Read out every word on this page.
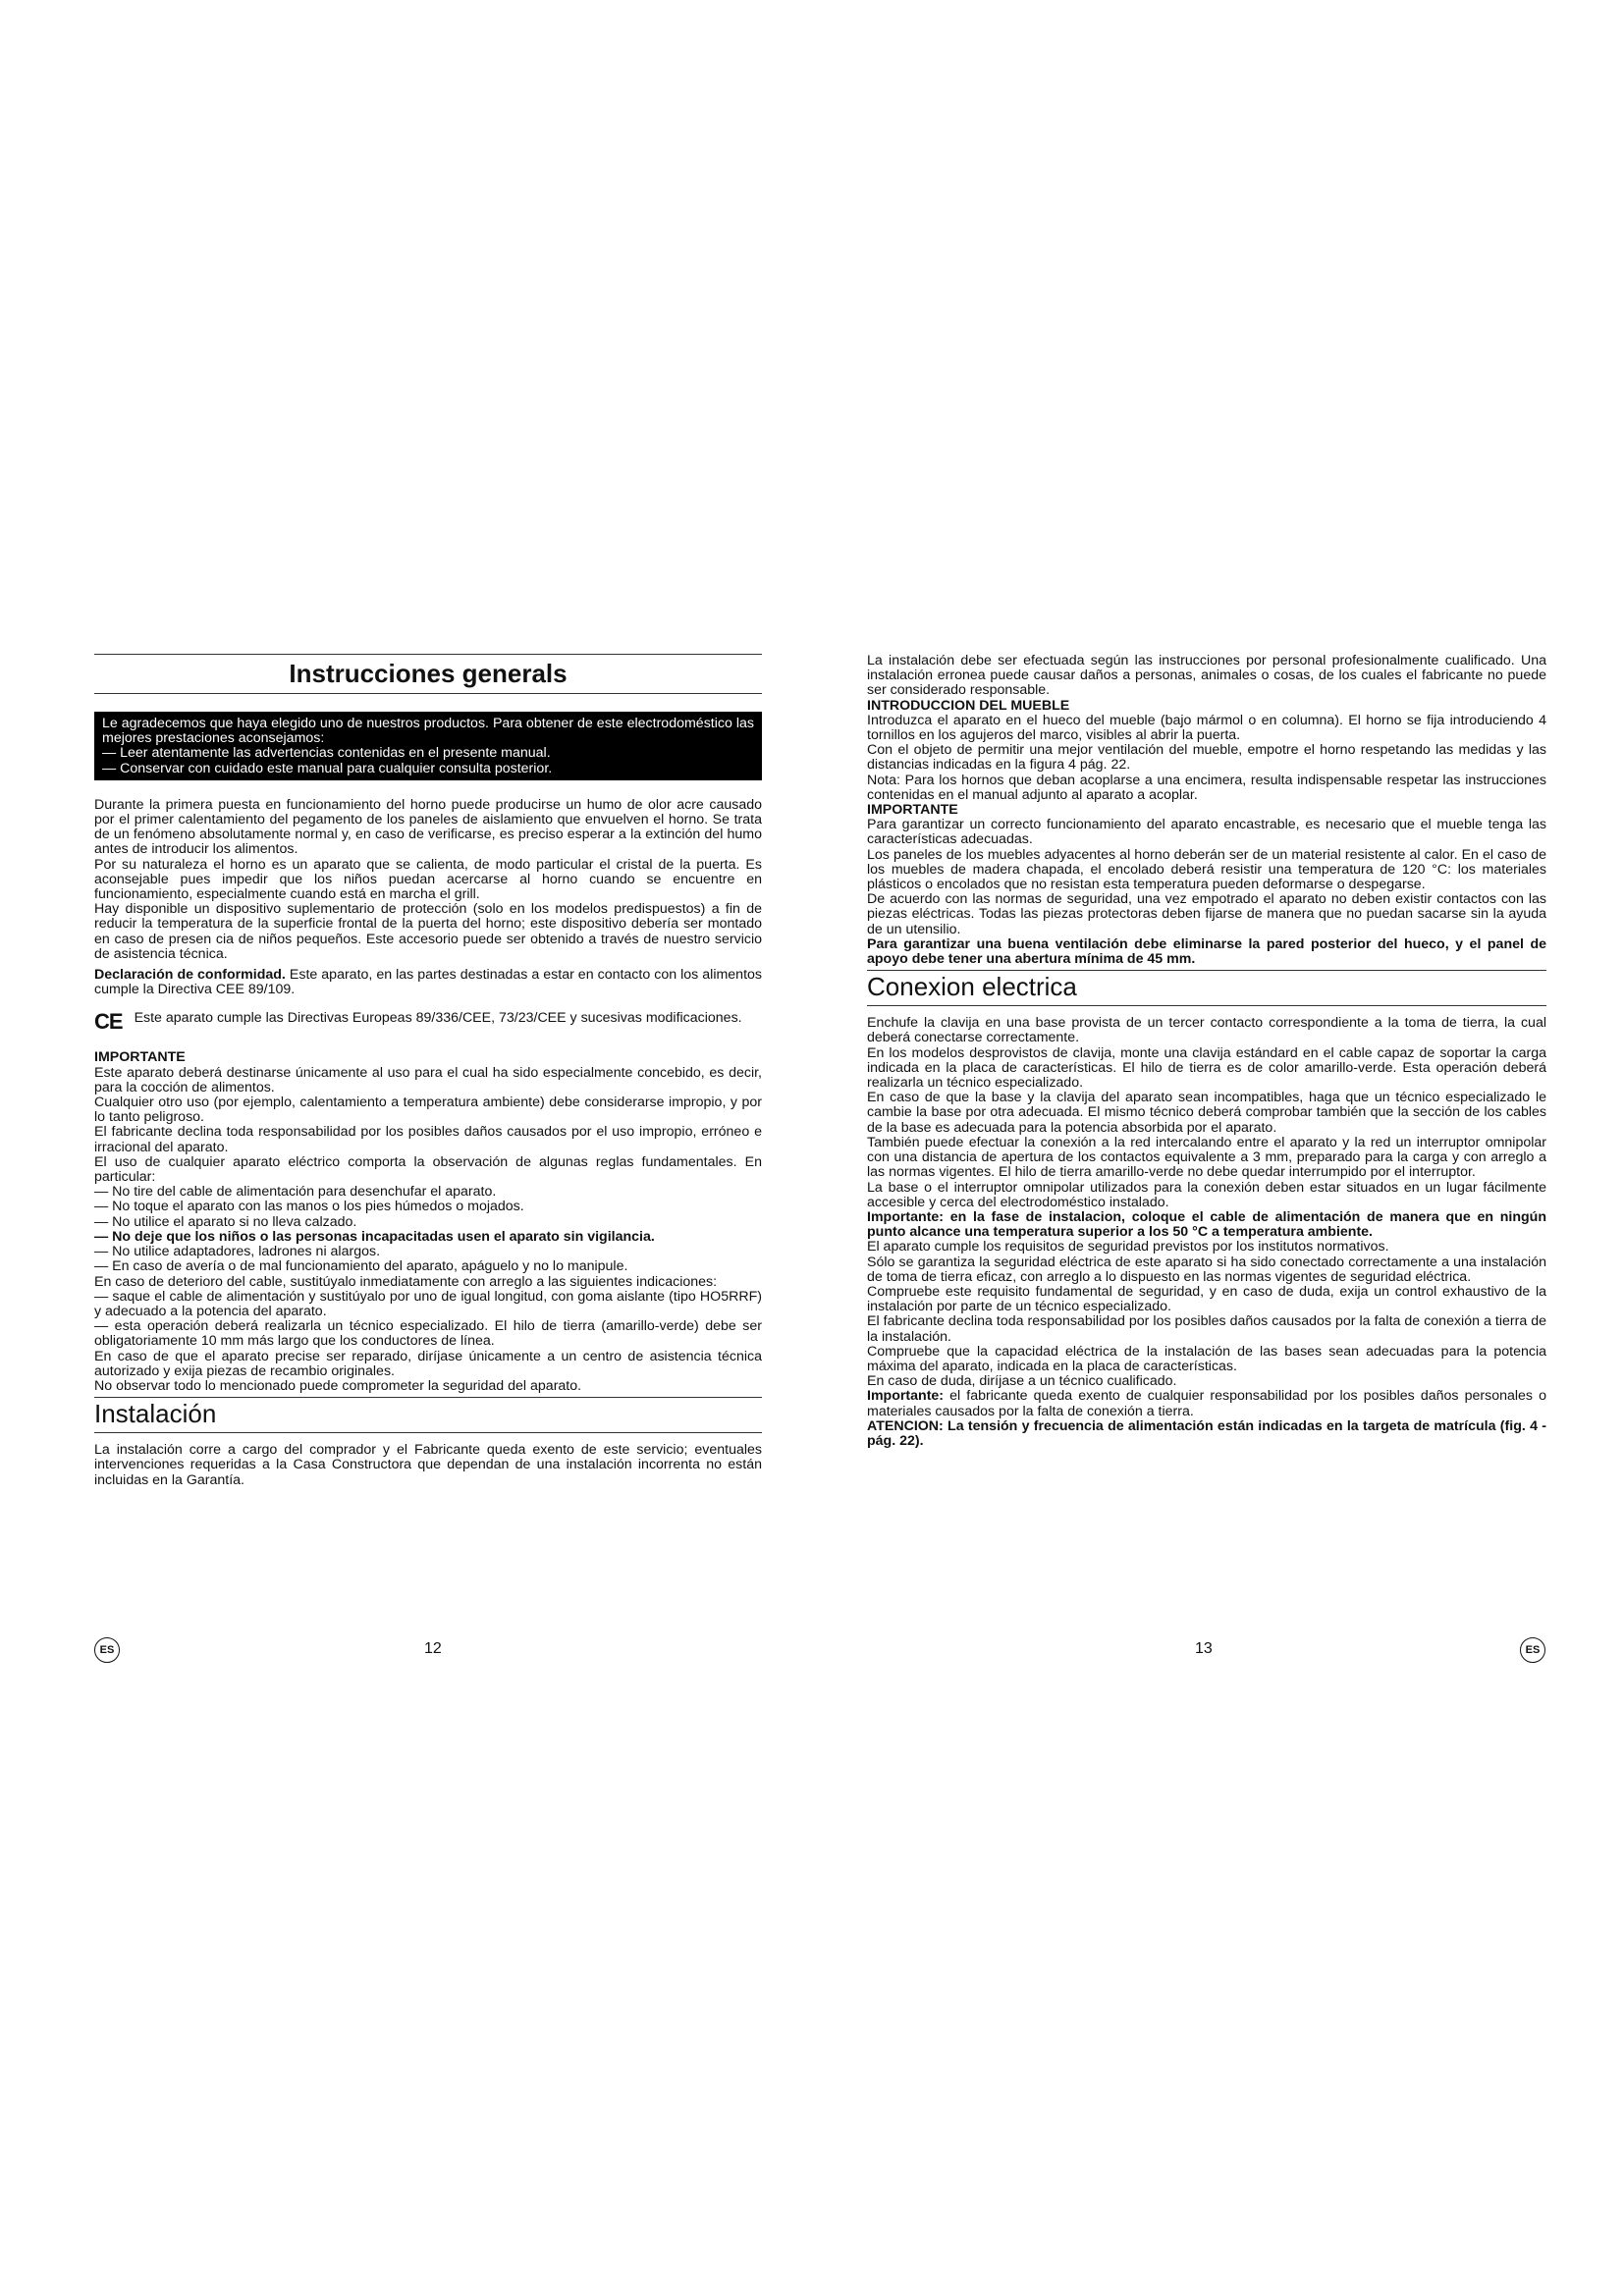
Instrucciones generals

Le agradecemos que haya elegido uno de nuestros productos. Para obtener de este electrodoméstico las mejores prestaciones aconsejamos:

— Leer atentamente las advertencias contenidas en el presente manual.

— Conservar con cuidado este manual para cualquier consulta posterior.

Durante la primera puesta en funcionamiento del horno puede producirse un humo de olor acre causado por el primer calentamiento del pegamento de los paneles de aislamiento que envuelven el horno. Se trata de un fenómeno absolutamente normal y, en caso de verificarse, es preciso esperar a la extinción del humo antes de introducir los alimentos.

Por su naturaleza el horno es un aparato que se calienta, de modo particular el cristal de la puerta. Es aconsejable pues impedir que los niños puedan acercarse al horno cuando se encuentre en funcionamiento, especialmente cuando está en marcha el grill.

Hay disponible un dispositivo suplementario de protección (solo en los modelos predispuestos) a fin de reducir la temperatura de la superficie frontal de la puerta del horno; este dispositivo debería ser montado en caso de presen cia de niños pequeños. Este accesorio puede ser obtenido a través de nuestro servicio de asistencia técnica.

Declaración de conformidad. Este aparato, en las partes destinadas a estar en contacto con los alimentos cumple la Directiva CEE 89/109.

CE Este aparato cumple las Directivas Europeas 89/336/CEE, 73/23/CEE y sucesivas modificaciones.

IMPORTANTE

Este aparato deberá destinarse únicamente al uso para el cual ha sido especialmente concebido, es decir, para la cocción de alimentos.

Cualquier otro uso (por ejemplo, calentamiento a temperatura ambiente) debe considerarse impropio, y por lo tanto peligroso.

El fabricante declina toda responsabilidad por los posibles daños causados por el uso impropio, erróneo e irracional del aparato.

El uso de cualquier aparato eléctrico comporta la observación de algunas reglas fundamentales. En particular:

— No tire del cable de alimentación para desenchufar el aparato.

— No toque el aparato con las manos o los pies húmedos o mojados.

— No utilice el aparato si no lleva calzado.

— No deje que los niños o las personas incapacitadas usen el aparato sin vigilancia.

— No utilice adaptadores, ladrones ni alargos.

— En caso de avería o de mal funcionamiento del aparato, apáguelo y no lo manipule.

En caso de deterioro del cable, sustitúyalo inmediatamente con arreglo a las siguientes indicaciones:

— saque el cable de alimentación y sustitúyalo por uno de igual longitud, con goma aislante (tipo HO5RRF) y adecuado a la potencia del aparato.

— esta operación deberá realizarla un técnico especializado. El hilo de tierra (amarillo-verde) debe ser obligatoriamente 10 mm más largo que los conductores de línea.

En caso de que el aparato precise ser reparado, diríjase únicamente a un centro de asistencia técnica autorizado y exija piezas de recambio originales.

No observar todo lo mencionado puede comprometer la seguridad del aparato.

Instalación

La instalación corre a cargo del comprador y el Fabricante queda exento de este servicio; eventuales intervenciones requeridas a la Casa Constructora que dependan de una instalación incorrenta no están incluidas en la Garantía.

La instalación debe ser efectuada según las instrucciones por personal profesionalmente cualificado. Una instalación erronea puede causar daños a personas, animales o cosas, de los cuales el fabricante no puede ser considerado responsable.

INTRODUCCION DEL MUEBLE

Introduzca el aparato en el hueco del mueble (bajo mármol o en columna). El horno se fija introduciendo 4 tornillos en los agujeros del marco, visibles al abrir la puerta.

Con el objeto de permitir una mejor ventilación del mueble, empotre el horno respetando las medidas y las distancias indicadas en la figura 4 pág. 22.

Nota: Para los hornos que deban acoplarse a una encimera, resulta indispensable respetar las instrucciones contenidas en el manual adjunto al aparato a acoplar.

IMPORTANTE

Para garantizar un correcto funcionamiento del aparato encastrable, es necesario que el mueble tenga las características adecuadas.

Los paneles de los muebles adyacentes al horno deberán ser de un material resistente al calor. En el caso de los muebles de madera chapada, el encolado deberá resistir una temperatura de 120 °C: los materiales plásticos o encolados que no resistan esta temperatura pueden deformarse o despegarse.

De acuerdo con las normas de seguridad, una vez empotrado el aparato no deben existir contactos con las piezas eléctricas. Todas las piezas protectoras deben fijarse de manera que no puedan sacarse sin la ayuda de un utensilio.

Para garantizar una buena ventilación debe eliminarse la pared posterior del hueco, y el panel de apoyo debe tener una abertura mínima de 45 mm.

Conexion electrica

Enchufe la clavija en una base provista de un tercer contacto correspondiente a la toma de tierra, la cual deberá conectarse correctamente.

En los modelos desprovistos de clavija, monte una clavija estándard en el cable capaz de soportar la carga indicada en la placa de características. El hilo de tierra es de color amarillo-verde. Esta operación deberá realizarla un técnico especializado.

En caso de que la base y la clavija del aparato sean incompatibles, haga que un técnico especializado le cambie la base por otra adecuada. El mismo técnico deberá comprobar también que la sección de los cables de la base es adecuada para la potencia absorbida por el aparato.

También puede efectuar la conexión a la red intercalando entre el aparato y la red un interruptor omnipolar con una distancia de apertura de los contactos equivalente a 3 mm, preparado para la carga y con arreglo a las normas vigentes. El hilo de tierra amarillo-verde no debe quedar interrumpido por el interruptor.

La base o el interruptor omnipolar utilizados para la conexión deben estar situados en un lugar fácilmente accesible y cerca del electrodoméstico instalado.

Importante: en la fase de instalacion, coloque el cable de alimentación de manera que en ningún punto alcance una temperatura superior a los 50 °C a temperatura ambiente.

El aparato cumple los requisitos de seguridad previstos por los institutos normativos.

Sólo se garantiza la seguridad eléctrica de este aparato si ha sido conectado correctamente a una instalación de toma de tierra eficaz, con arreglo a lo dispuesto en las normas vigentes de seguridad eléctrica.

Compruebe este requisito fundamental de seguridad, y en caso de duda, exija un control exhaustivo de la instalación por parte de un técnico especializado.

El fabricante declina toda responsabilidad por los posibles daños causados por la falta de conexión a tierra de la instalación.

Compruebe que la capacidad eléctrica de la instalación de las bases sean adecuadas para la potencia máxima del aparato, indicada en la placa de características.

En caso de duda, diríjase a un técnico cualificado.

Importante: el fabricante queda exento de cualquier responsabilidad por los posibles daños personales o materiales causados por la falta de conexión a tierra.

ATENCION: La tensión y frecuencia de alimentación están indicadas en la targeta de matrícula (fig. 4 - pág. 22).

ES	12	13	ES
